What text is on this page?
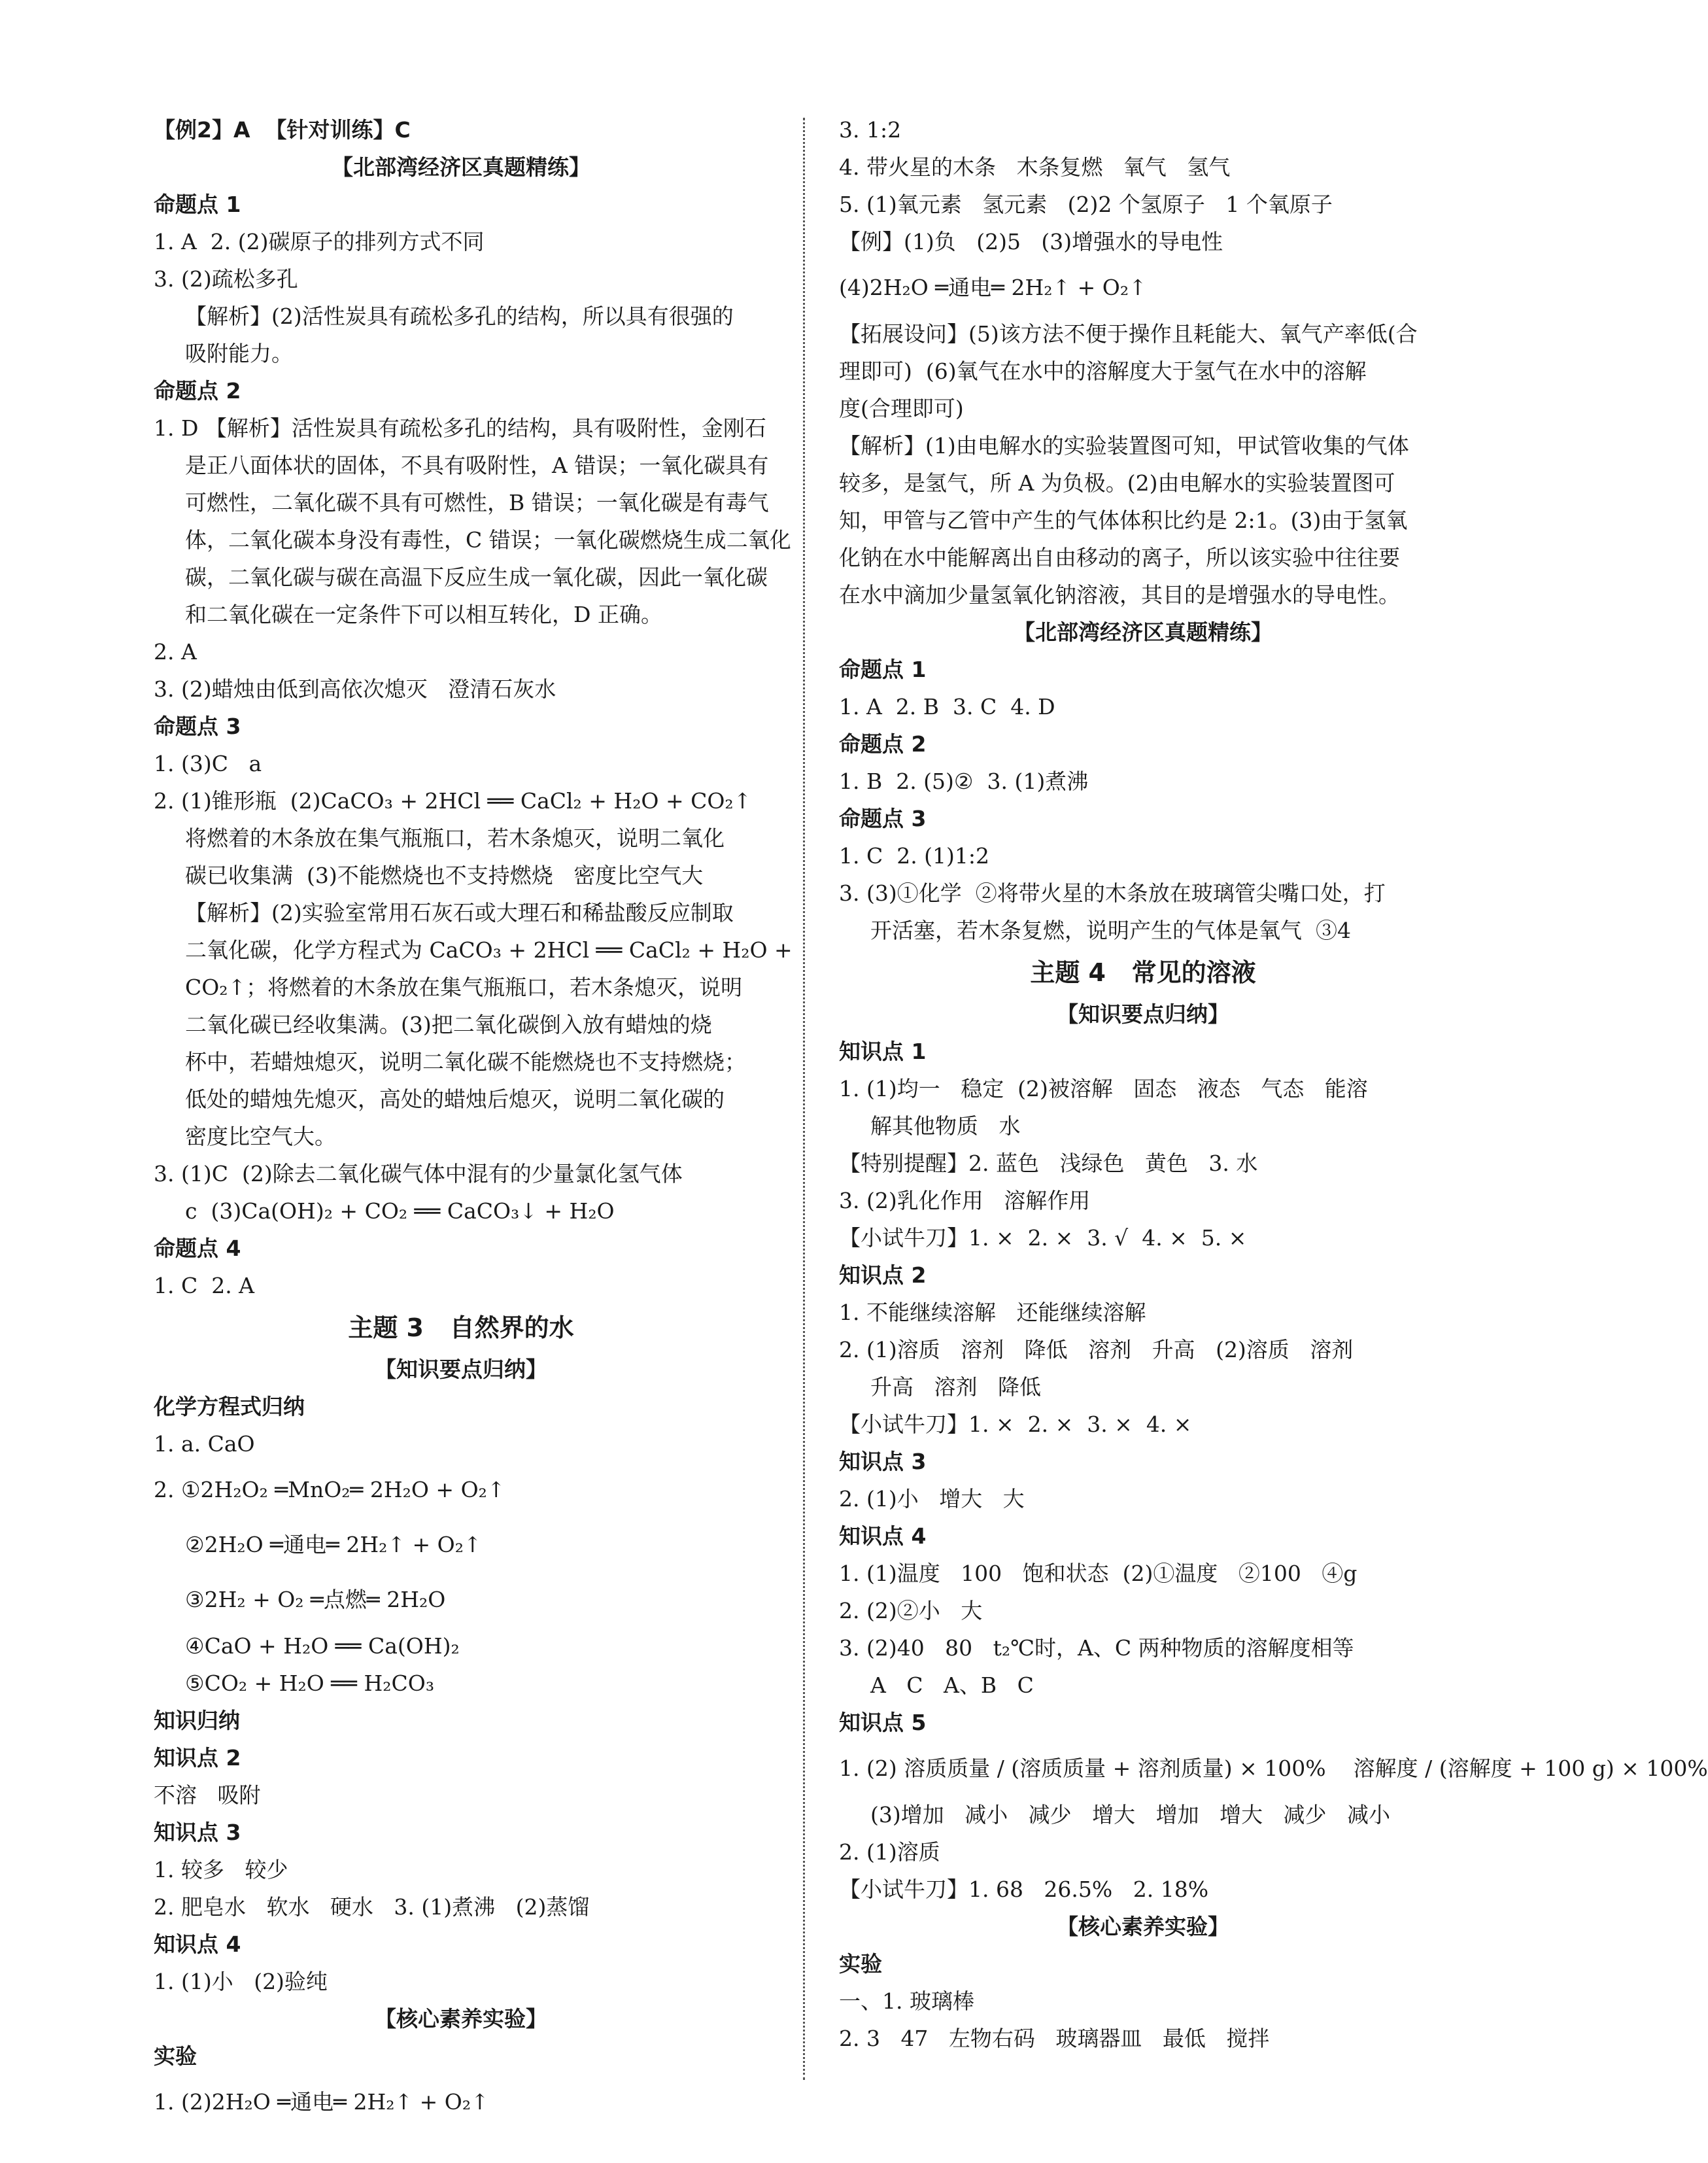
【例2】A  【针对训练】C
【北部湾经济区真题精练】
命题点 1
1. A  2. (2)碳原子的排列方式不同
3. (2)疏松多孔
【解析】(2)活性炭具有疏松多孔的结构，所以具有很强的
吸附能力。
命题点 2
1. D 【解析】活性炭具有疏松多孔的结构，具有吸附性，金刚石
是正八面体状的固体，不具有吸附性，A 错误；一氧化碳具有
可燃性，二氧化碳不具有可燃性，B 错误；一氧化碳是有毒气
体，二氧化碳本身没有毒性，C 错误；一氧化碳燃烧生成二氧化
碳，二氧化碳与碳在高温下反应生成一氧化碳，因此一氧化碳
和二氧化碳在一定条件下可以相互转化，D 正确。
2. A
3. (2)蜡烛由低到高依次熄灭   澄清石灰水
命题点 3
1. (3)C   a
2. (1)锥形瓶  (2)CaCO₃ + 2HCl ══ CaCl₂ + H₂O + CO₂↑
将燃着的木条放在集气瓶瓶口，若木条熄灭，说明二氧化
碳已收集满  (3)不能燃烧也不支持燃烧   密度比空气大
【解析】(2)实验室常用石灰石或大理石和稀盐酸反应制取
二氧化碳，化学方程式为 CaCO₃ + 2HCl ══ CaCl₂ + H₂O +
CO₂↑；将燃着的木条放在集气瓶瓶口，若木条熄灭，说明
二氧化碳已经收集满。(3)把二氧化碳倒入放有蜡烛的烧
杯中，若蜡烛熄灭，说明二氧化碳不能燃烧也不支持燃烧；
低处的蜡烛先熄灭，高处的蜡烛后熄灭，说明二氧化碳的
密度比空气大。
3. (1)C  (2)除去二氧化碳气体中混有的少量氯化氢气体
c  (3)Ca(OH)₂ + CO₂ ══ CaCO₃↓ + H₂O
命题点 4
1. C  2. A
主题 3   自然界的水
【知识要点归纳】
化学方程式归纳
1. a. CaO
2. ①2H₂O₂ ═MnO₂═ 2H₂O + O₂↑
②2H₂O ═通电═ 2H₂↑ + O₂↑
③2H₂ + O₂ ═点燃═ 2H₂O
④CaO + H₂O ══ Ca(OH)₂
⑤CO₂ + H₂O ══ H₂CO₃
知识归纳
知识点 2
不溶   吸附
知识点 3
1. 较多   较少
2. 肥皂水   软水   硬水   3. (1)煮沸   (2)蒸馏
知识点 4
1. (1)小   (2)验纯
【核心素养实验】
实验
1. (2)2H₂O ═通电═ 2H₂↑ + O₂↑
3. 1:2
4. 带火星的木条   木条复燃   氧气   氢气
5. (1)氧元素   氢元素   (2)2 个氢原子   1 个氧原子
【例】(1)负   (2)5   (3)增强水的导电性
(4)2H₂O ═通电═ 2H₂↑ + O₂↑
【拓展设问】(5)该方法不便于操作且耗能大、氧气产率低(合
理即可)  (6)氧气在水中的溶解度大于氢气在水中的溶解
度(合理即可)
【解析】(1)由电解水的实验装置图可知，甲试管收集的气体
较多，是氢气，所 A 为负极。(2)由电解水的实验装置图可
知，甲管与乙管中产生的气体体积比约是 2:1。(3)由于氢氧
化钠在水中能解离出自由移动的离子，所以该实验中往往要
在水中滴加少量氢氧化钠溶液，其目的是增强水的导电性。
【北部湾经济区真题精练】
命题点 1
1. A  2. B  3. C  4. D
命题点 2
1. B  2. (5)②  3. (1)煮沸
命题点 3
1. C  2. (1)1:2
3. (3)①化学  ②将带火星的木条放在玻璃管尖嘴口处，打
开活塞，若木条复燃，说明产生的气体是氧气  ③4
主题 4   常见的溶液
【知识要点归纳】
知识点 1
1. (1)均一   稳定  (2)被溶解   固态   液态   气态   能溶
解其他物质   水
【特别提醒】2. 蓝色   浅绿色   黄色   3. 水
3. (2)乳化作用   溶解作用
【小试牛刀】1. ×  2. ×  3. √  4. ×  5. ×
知识点 2
1. 不能继续溶解   还能继续溶解
2. (1)溶质   溶剂   降低   溶剂   升高   (2)溶质   溶剂
升高   溶剂   降低
【小试牛刀】1. ×  2. ×  3. ×  4. ×
知识点 3
2. (1)小   增大   大
知识点 4
1. (1)温度   100   饱和状态  (2)①温度   ②100   ④g
2. (2)②小   大
3. (2)40   80   t₂℃时，A、C 两种物质的溶解度相等
A   C   A、B   C
知识点 5
1. (2) 溶质质量 / (溶质质量 + 溶剂质量) × 100%    溶解度 / (溶解度 + 100 g) × 100%
(3)增加   减小   减少   增大   增加   增大   减少   减小
2. (1)溶质
【小试牛刀】1. 68   26.5%   2. 18%
【核心素养实验】
实验
一、1. 玻璃棒
2. 3   47   左物右码   玻璃器皿   最低   搅拌
